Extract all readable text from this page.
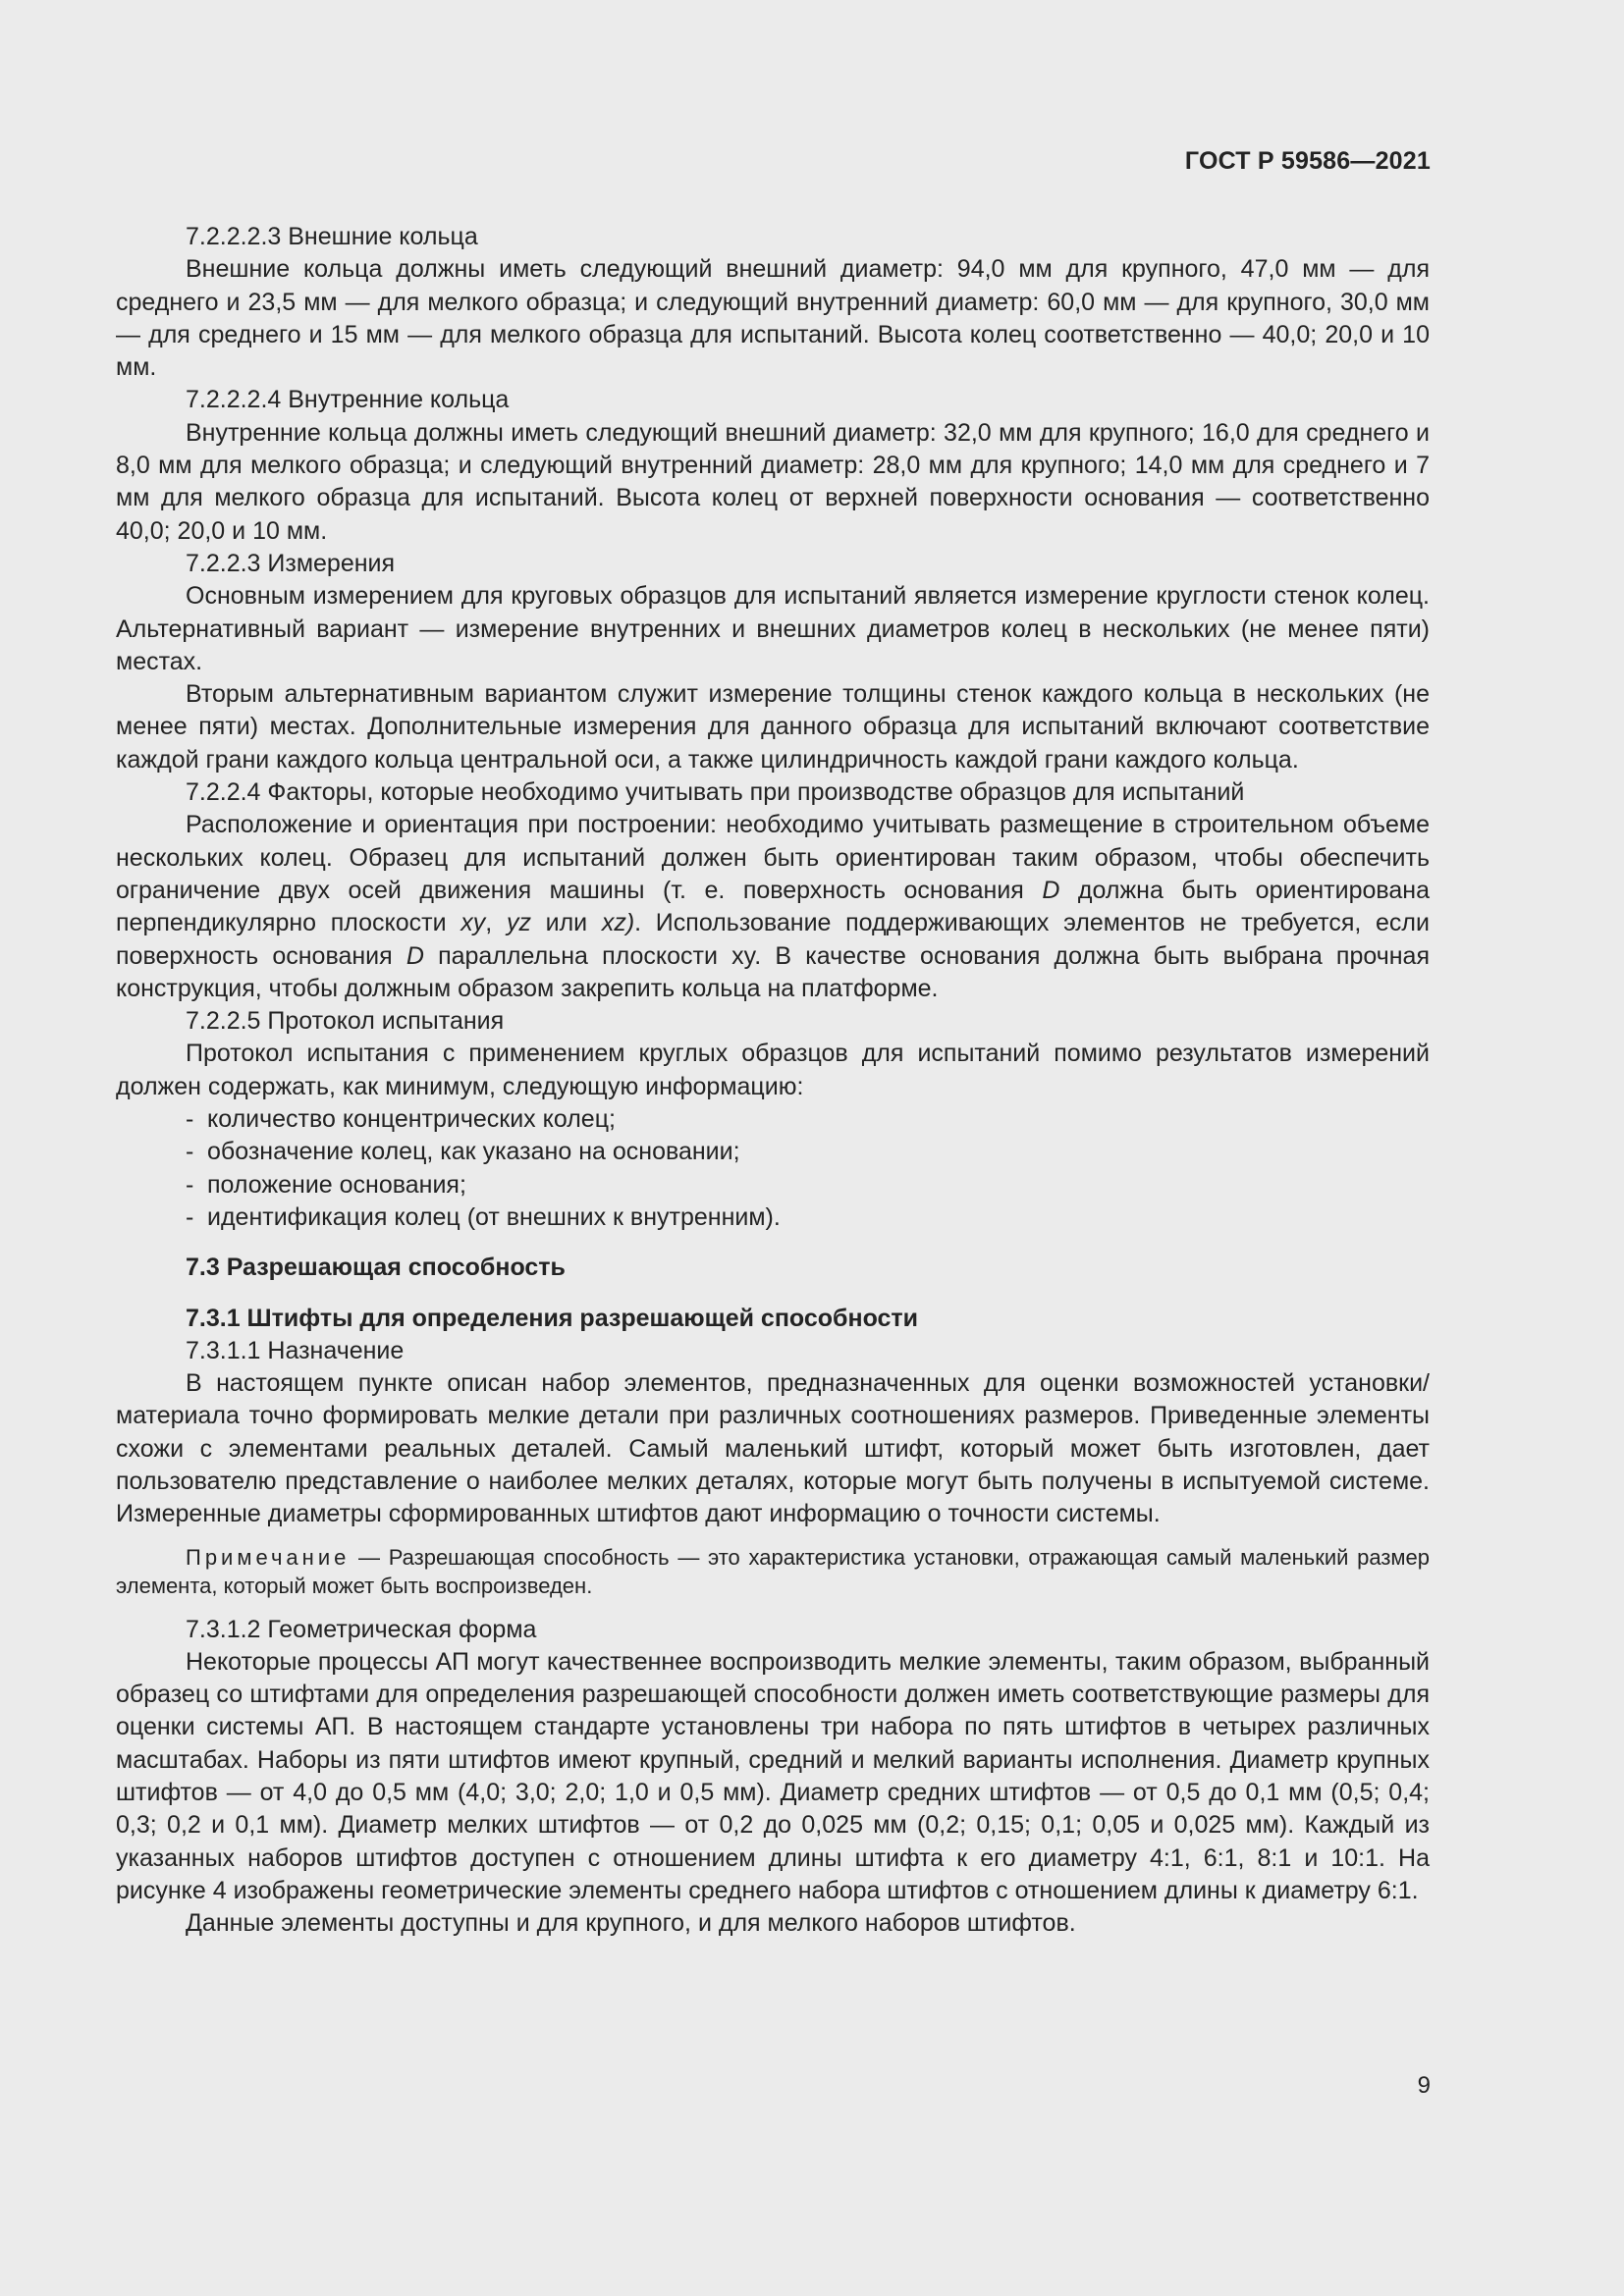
ГОСТ Р 59586—2021

7.2.2.2.3 Внешние кольца

Внешние кольца должны иметь следующий внешний диаметр: 94,0 мм для крупного, 47,0 мм — для среднего и 23,5 мм — для мелкого образца; и следующий внутренний диаметр: 60,0 мм — для крупного, 30,0 мм — для среднего и 15 мм — для мелкого образца для испытаний. Высота колец соответственно — 40,0; 20,0 и 10 мм.

7.2.2.2.4 Внутренние кольца

Внутренние кольца должны иметь следующий внешний диаметр: 32,0 мм для крупного; 16,0 для среднего и 8,0 мм для мелкого образца; и следующий внутренний диаметр: 28,0 мм для крупного; 14,0 мм для среднего и 7 мм для мелкого образца для испытаний. Высота колец от верхней поверхности основания — соответственно 40,0; 20,0 и 10 мм.

7.2.2.3 Измерения

Основным измерением для круговых образцов для испытаний является измерение круглости стенок колец. Альтернативный вариант — измерение внутренних и внешних диаметров колец в нескольких (не менее пяти) местах.

Вторым альтернативным вариантом служит измерение толщины стенок каждого кольца в нескольких (не менее пяти) местах. Дополнительные измерения для данного образца для испытаний включают соответствие каждой грани каждого кольца центральной оси, а также цилиндричность каждой грани каждого кольца.

7.2.2.4 Факторы, которые необходимо учитывать при производстве образцов для испытаний

Расположение и ориентация при построении: необходимо учитывать размещение в строительном объеме нескольких колец. Образец для испытаний должен быть ориентирован таким образом, чтобы обеспечить ограничение двух осей движения машины (т. е. поверхность основания D должна быть ориентирована перпендикулярно плоскости xy, yz или xz). Использование поддерживающих элементов не требуется, если поверхность основания D параллельна плоскости xy. В качестве основания должна быть выбрана прочная конструкция, чтобы должным образом закрепить кольца на платформе.

7.2.2.5 Протокол испытания

Протокол испытания с применением круглых образцов для испытаний помимо результатов измерений должен содержать, как минимум, следующую информацию:

- количество концентрических колец;
- обозначение колец, как указано на основании;
- положение основания;
- идентификация колец (от внешних к внутренним).

7.3 Разрешающая способность

7.3.1 Штифты для определения разрешающей способности

7.3.1.1 Назначение

В настоящем пункте описан набор элементов, предназначенных для оценки возможностей установки/материала точно формировать мелкие детали при различных соотношениях размеров. Приведенные элементы схожи с элементами реальных деталей. Самый маленький штифт, который может быть изготовлен, дает пользователю представление о наиболее мелких деталях, которые могут быть получены в испытуемой системе. Измеренные диаметры сформированных штифтов дают информацию о точности системы.

Примечание — Разрешающая способность — это характеристика установки, отражающая самый маленький размер элемента, который может быть воспроизведен.

7.3.1.2 Геометрическая форма

Некоторые процессы АП могут качественнее воспроизводить мелкие элементы, таким образом, выбранный образец со штифтами для определения разрешающей способности должен иметь соответствующие размеры для оценки системы АП. В настоящем стандарте установлены три набора по пять штифтов в четырех различных масштабах. Наборы из пяти штифтов имеют крупный, средний и мелкий варианты исполнения. Диаметр крупных штифтов — от 4,0 до 0,5 мм (4,0; 3,0; 2,0; 1,0 и 0,5 мм). Диаметр средних штифтов — от 0,5 до 0,1 мм (0,5; 0,4; 0,3; 0,2 и 0,1 мм). Диаметр мелких штифтов — от 0,2 до 0,025 мм (0,2; 0,15; 0,1; 0,05 и 0,025 мм). Каждый из указанных наборов штифтов доступен с отношением длины штифта к его диаметру 4:1, 6:1, 8:1 и 10:1. На рисунке 4 изображены геометрические элементы среднего набора штифтов с отношением длины к диаметру 6:1.

Данные элементы доступны и для крупного, и для мелкого наборов штифтов.

9
